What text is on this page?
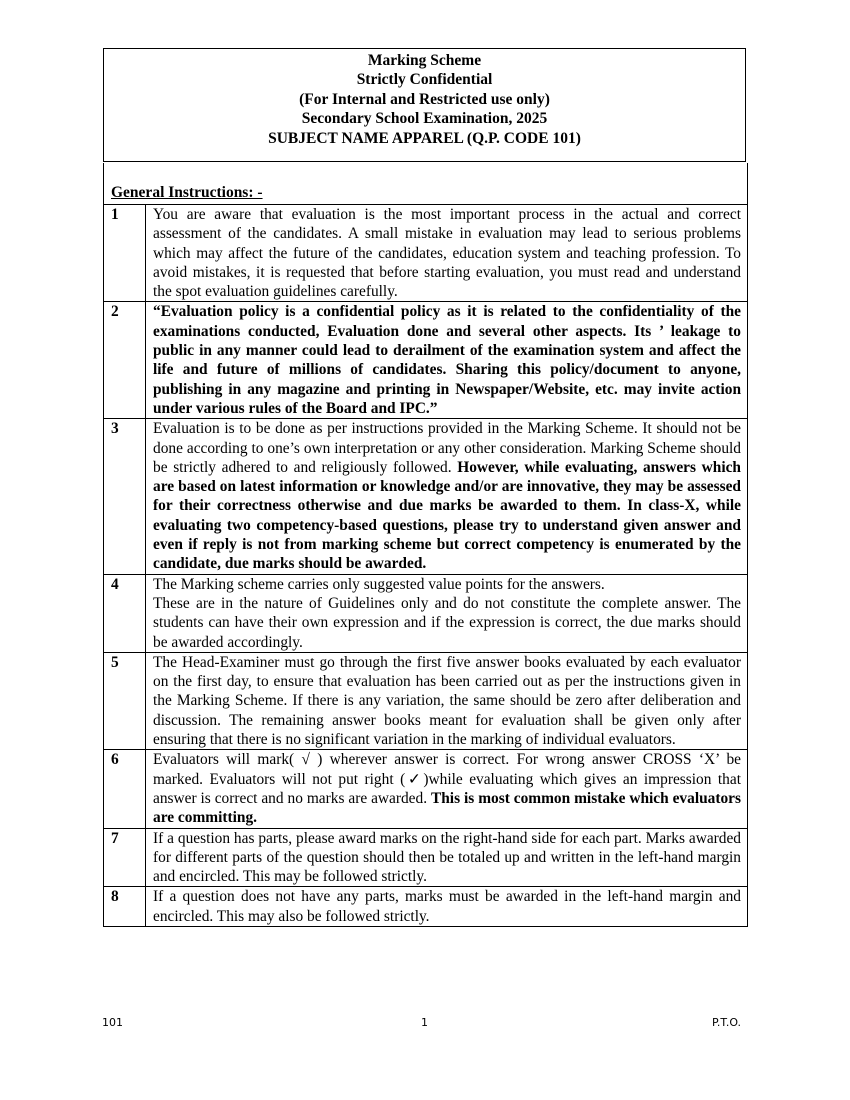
Marking Scheme
Strictly Confidential
(For Internal and Restricted use only)
Secondary School Examination, 2025
SUBJECT NAME APPAREL (Q.P. CODE 101)
General Instructions: -
1	You are aware that evaluation is the most important process in the actual and correct assessment of the candidates. A small mistake in evaluation may lead to serious problems which may affect the future of the candidates, education system and teaching profession. To avoid mistakes, it is requested that before starting evaluation, you must read and understand the spot evaluation guidelines carefully.
2	“Evaluation policy is a confidential policy as it is related to the confidentiality of the examinations conducted, Evaluation done and several other aspects. Its ’ leakage to public in any manner could lead to derailment of the examination system and affect the life and future of millions of candidates. Sharing this policy/document to anyone, publishing in any magazine and printing in Newspaper/Website, etc. may invite action under various rules of the Board and IPC.”
3	Evaluation is to be done as per instructions provided in the Marking Scheme. It should not be done according to one’s own interpretation or any other consideration. Marking Scheme should be strictly adhered to and religiously followed. However, while evaluating, answers which are based on latest information or knowledge and/or are innovative, they may be assessed for their correctness otherwise and due marks be awarded to them. In class-X, while evaluating two competency-based questions, please try to understand given answer and even if reply is not from marking scheme but correct competency is enumerated by the candidate, due marks should be awarded.
4	The Marking scheme carries only suggested value points for the answers.
These are in the nature of Guidelines only and do not constitute the complete answer. The students can have their own expression and if the expression is correct, the due marks should be awarded accordingly.
5	The Head-Examiner must go through the first five answer books evaluated by each evaluator on the first day, to ensure that evaluation has been carried out as per the instructions given in the Marking Scheme. If there is any variation, the same should be zero after deliberation and discussion. The remaining answer books meant for evaluation shall be given only after ensuring that there is no significant variation in the marking of individual evaluators.
6	Evaluators will mark( √ ) wherever answer is correct. For wrong answer CROSS ‘X’ be marked. Evaluators will not put right (✓)while evaluating which gives an impression that answer is correct and no marks are awarded. This is most common mistake which evaluators are committing.
7	If a question has parts, please award marks on the right-hand side for each part. Marks awarded for different parts of the question should then be totaled up and written in the left-hand margin and encircled. This may be followed strictly.
8	If a question does not have any parts, marks must be awarded in the left-hand margin and encircled. This may also be followed strictly.
101	1	P.T.O.
